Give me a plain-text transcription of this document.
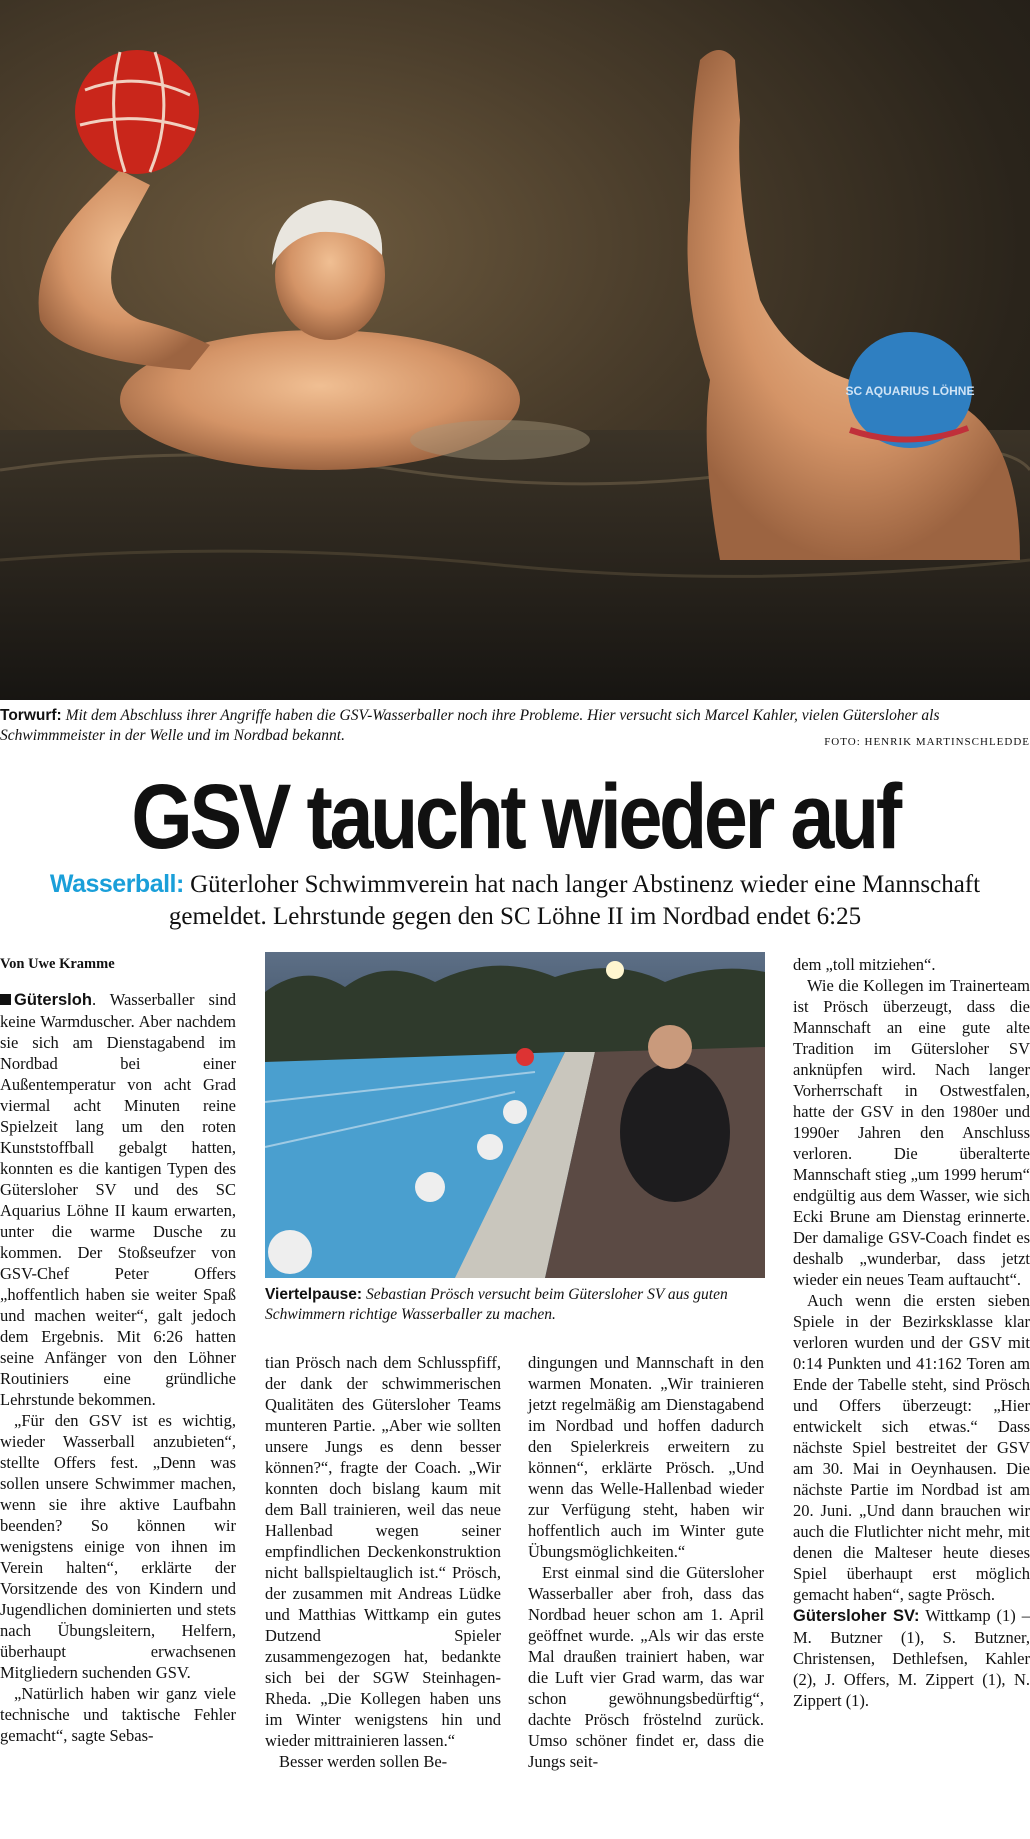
SC AQUARIUS LÖHNE
Torwurf: Mit dem Abschluss ihrer Angriffe haben die GSV-Wasserballer noch ihre Probleme. Hier versucht sich Marcel Kahler, vielen Gütersloher als Schwimmmeister in der Welle und im Nordbad bekannt.	FOTO: HENRIK MARTINSCHLEDDE
GSV taucht wieder auf
Wasserball: Güterloher Schwimmverein hat nach langer Abstinenz wieder eine Mannschaft gemeldet. Lehrstunde gegen den SC Löhne II im Nordbad endet 6:25
Von Uwe Kramme

Gütersloh. Wasserballer sind keine Warmduscher. Aber nachdem sie sich am Dienstagabend im Nordbad bei einer Außentemperatur von acht Grad viermal acht Minuten reine Spielzeit lang um den roten Kunststoffball gebalgt hatten, konnten es die kantigen Typen des Gütersloher SV und des SC Aquarius Löhne II kaum erwarten, unter die warme Dusche zu kommen. Der Stoßseufzer von GSV-Chef Peter Offers „hoffentlich haben sie weiter Spaß und machen weiter“, galt jedoch dem Ergebnis. Mit 6:26 hatten seine Anfänger von den Löhner Routiniers eine gründliche Lehrstunde bekommen.

„Für den GSV ist es wichtig, wieder Wasserball anzubieten“, stellte Offers fest. „Denn was sollen unsere Schwimmer machen, wenn sie ihre aktive Laufbahn beenden? So können wir wenigstens einige von ihnen im Verein halten“, erklärte der Vorsitzende des von Kindern und Jugendlichen dominierten und stets nach Übungsleitern, Helfern, überhaupt erwachsenen Mitgliedern suchenden GSV.

„Natürlich haben wir ganz viele technische und taktische Fehler gemacht“, sagte Sebas-

Viertelpause: Sebastian Prösch versucht beim Gütersloher SV aus guten Schwimmern richtige Wasserballer zu machen.

tian Prösch nach dem Schlusspfiff, der dank der schwimmerischen Qualitäten des Gütersloher Teams munteren Partie. „Aber wie sollten unsere Jungs es denn besser können?“, fragte der Coach. „Wir konnten doch bislang kaum mit dem Ball trainieren, weil das neue Hallenbad wegen seiner empfindlichen Deckenkonstruktion nicht ballspieltauglich ist.“ Prösch, der zusammen mit Andreas Lüdke und Matthias Wittkamp ein gutes Dutzend Spieler zusammengezogen hat, bedankte sich bei der SGW Steinhagen-Rheda. „Die Kollegen haben uns im Winter wenigstens hin und wieder mittrainieren lassen.“

Besser werden sollen Be-

dingungen und Mannschaft in den warmen Monaten. „Wir trainieren jetzt regelmäßig am Dienstagabend im Nordbad und hoffen dadurch den Spielerkreis erweitern zu können“, erklärte Prösch. „Und wenn das Welle-Hallenbad wieder zur Verfügung steht, haben wir hoffentlich auch im Winter gute Übungsmöglichkeiten.“

Erst einmal sind die Gütersloher Wasserballer aber froh, dass das Nordbad heuer schon am 1. April geöffnet wurde. „Als wir das erste Mal draußen trainiert haben, war die Luft vier Grad warm, das war schon gewöhnungsbedürftig“, dachte Prösch fröstelnd zurück. Umso schöner findet er, dass die Jungs seit-

dem „toll mitziehen“.

Wie die Kollegen im Trainerteam ist Prösch überzeugt, dass die Mannschaft an eine gute alte Tradition im Gütersloher SV anknüpfen wird. Nach langer Vorherrschaft in Ostwestfalen, hatte der GSV in den 1980er und 1990er Jahren den Anschluss verloren. Die überalterte Mannschaft stieg „um 1999 herum“ endgültig aus dem Wasser, wie sich Ecki Brune am Dienstag erinnerte. Der damalige GSV-Coach findet es deshalb „wunderbar, dass jetzt wieder ein neues Team auftaucht“.

Auch wenn die ersten sieben Spiele in der Bezirksklasse klar verloren wurden und der GSV mit 0:14 Punkten und 41:162 Toren am Ende der Tabelle steht, sind Prösch und Offers überzeugt: „Hier entwickelt sich etwas.“ Dass nächste Spiel bestreitet der GSV am 30. Mai in Oeynhausen. Die nächste Partie im Nordbad ist am 20. Juni. „Und dann brauchen wir auch die Flutlichter nicht mehr, mit denen die Malteser heute dieses Spiel überhaupt erst möglich gemacht haben“, sagte Prösch.

Gütersloher SV: Wittkamp (1) – M. Butzner (1), S. Butzner, Christensen, Dethlefsen, Kahler (2), J. Offers, M. Zippert (1), N. Zippert (1).
